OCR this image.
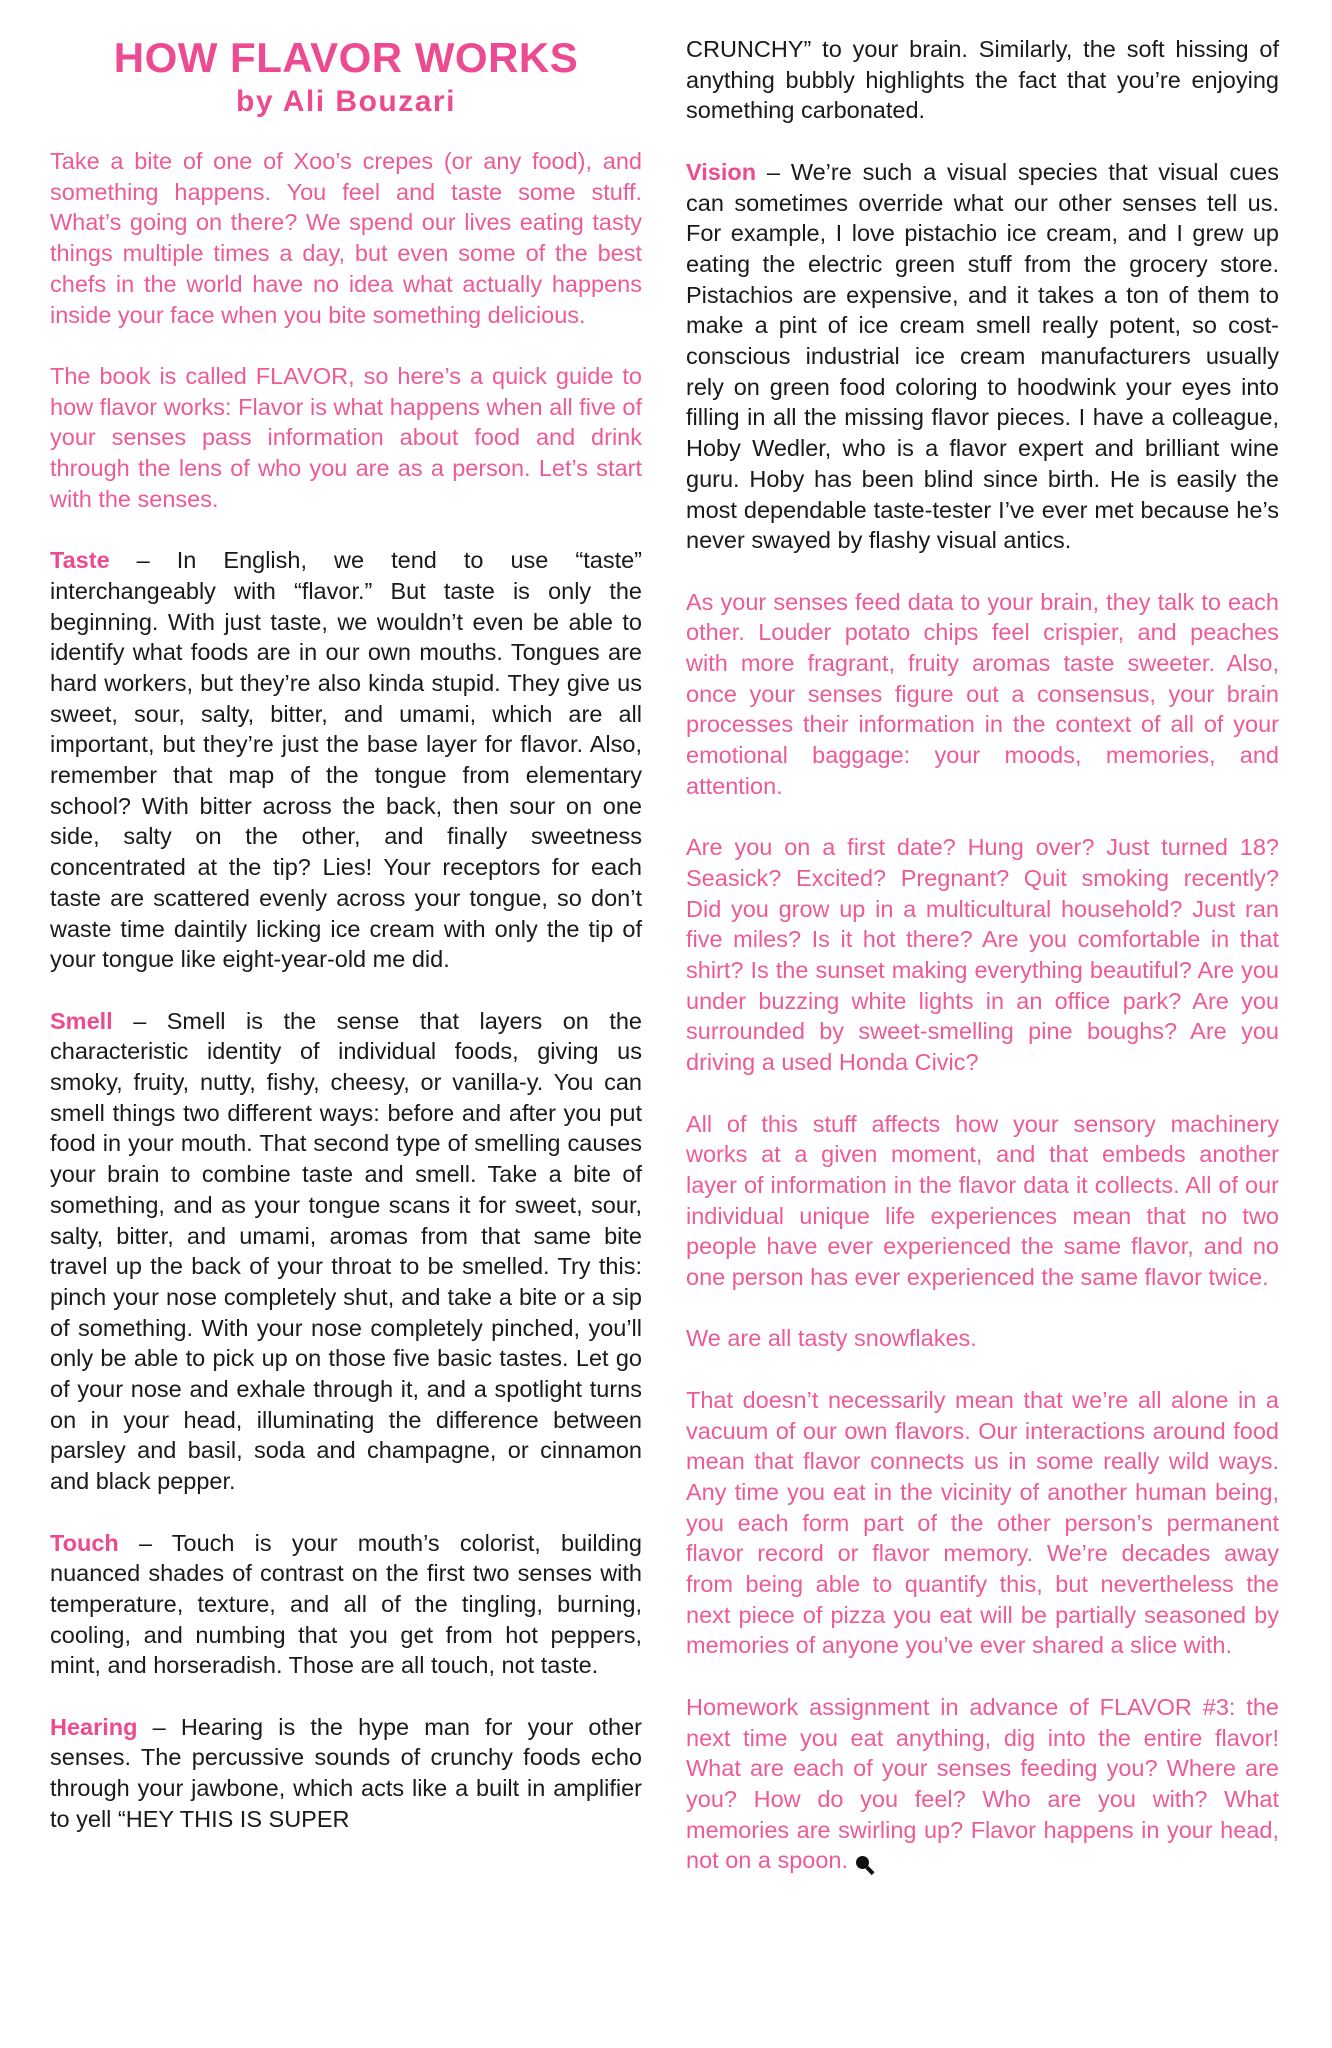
HOW FLAVOR WORKS
by Ali Bouzari

Take a bite of one of Xoo’s crepes (or any food), and something happens. You feel and taste some stuff. What’s going on there? We spend our lives eating tasty things multiple times a day, but even some of the best chefs in the world have no idea what actually happens inside your face when you bite something delicious.

The book is called FLAVOR, so here’s a quick guide to how flavor works: Flavor is what happens when all five of your senses pass information about food and drink through the lens of who you are as a person. Let’s start with the senses.

Taste – In English, we tend to use “taste” interchangeably with “flavor.” But taste is only the beginning. With just taste, we wouldn’t even be able to identify what foods are in our own mouths. Tongues are hard workers, but they’re also kinda stupid. They give us sweet, sour, salty, bitter, and umami, which are all important, but they’re just the base layer for flavor. Also, remember that map of the tongue from elementary school? With bitter across the back, then sour on one side, salty on the other, and finally sweetness concentrated at the tip? Lies! Your receptors for each taste are scattered evenly across your tongue, so don’t waste time daintily licking ice cream with only the tip of your tongue like eight-year-old me did.

Smell – Smell is the sense that layers on the characteristic identity of individual foods, giving us smoky, fruity, nutty, fishy, cheesy, or vanilla-y. You can smell things two different ways: before and after you put food in your mouth. That second type of smelling causes your brain to combine taste and smell. Take a bite of something, and as your tongue scans it for sweet, sour, salty, bitter, and umami, aromas from that same bite travel up the back of your throat to be smelled. Try this: pinch your nose completely shut, and take a bite or a sip of something. With your nose completely pinched, you’ll only be able to pick up on those five basic tastes. Let go of your nose and exhale through it, and a spotlight turns on in your head, illuminating the difference between parsley and basil, soda and champagne, or cinnamon and black pepper.

Touch – Touch is your mouth’s colorist, building nuanced shades of contrast on the first two senses with temperature, texture, and all of the tingling, burning, cooling, and numbing that you get from hot peppers, mint, and horseradish. Those are all touch, not taste.

Hearing – Hearing is the hype man for your other senses. The percussive sounds of crunchy foods echo through your jawbone, which acts like a built in amplifier to yell “HEY THIS IS SUPER

CRUNCHY” to your brain. Similarly, the soft hissing of anything bubbly highlights the fact that you’re enjoying something carbonated.

Vision – We’re such a visual species that visual cues can sometimes override what our other senses tell us. For example, I love pistachio ice cream, and I grew up eating the electric green stuff from the grocery store. Pistachios are expensive, and it takes a ton of them to make a pint of ice cream smell really potent, so cost-conscious industrial ice cream manufacturers usually rely on green food coloring to hoodwink your eyes into filling in all the missing flavor pieces. I have a colleague, Hoby Wedler, who is a flavor expert and brilliant wine guru. Hoby has been blind since birth. He is easily the most dependable taste-tester I’ve ever met because he’s never swayed by flashy visual antics.

As your senses feed data to your brain, they talk to each other. Louder potato chips feel crispier, and peaches with more fragrant, fruity aromas taste sweeter. Also, once your senses figure out a consensus, your brain processes their information in the context of all of your emotional baggage: your moods, memories, and attention.

Are you on a first date? Hung over? Just turned 18? Seasick? Excited? Pregnant? Quit smoking recently? Did you grow up in a multicultural household? Just ran five miles? Is it hot there? Are you comfortable in that shirt? Is the sunset making everything beautiful? Are you under buzzing white lights in an office park? Are you surrounded by sweet-smelling pine boughs? Are you driving a used Honda Civic?

All of this stuff affects how your sensory machinery works at a given moment, and that embeds another layer of information in the flavor data it collects. All of our individual unique life experiences mean that no two people have ever experienced the same flavor, and no one person has ever experienced the same flavor twice.

We are all tasty snowflakes.

That doesn’t necessarily mean that we’re all alone in a vacuum of our own flavors. Our interactions around food mean that flavor connects us in some really wild ways. Any time you eat in the vicinity of another human being, you each form part of the other person’s permanent flavor record or flavor memory. We’re decades away from being able to quantify this, but nevertheless the next piece of pizza you eat will be partially seasoned by memories of anyone you’ve ever shared a slice with.

Homework assignment in advance of FLAVOR #3: the next time you eat anything, dig into the entire flavor! What are each of your senses feeding you? Where are you? How do you feel? Who are you with? What memories are swirling up? Flavor happens in your head, not on a spoon.
